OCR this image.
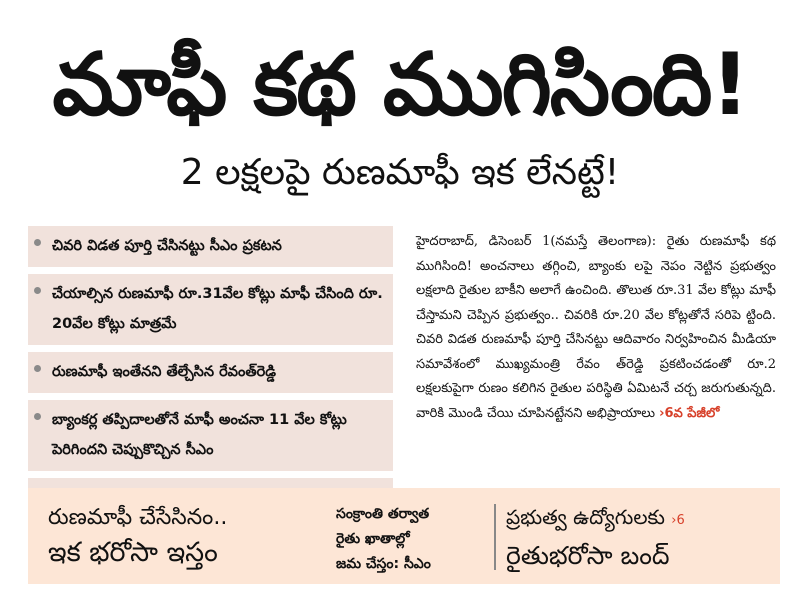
మాఫీ కథ ముగిసింది!
2 లక్షలపై రుణమాఫీ ఇక లేనట్టే!
చివరి విడత పూర్తి చేసినట్టు సీఎం ప్రకటన
చేయాల్సిన రుణమాఫీ రూ.31వేల కోట్లు మాఫీ చేసింది రూ. 20వేల కోట్లు మాత్రమే
రుణమాఫీ ఇంతేనని తేల్చేసిన రేవంత్‌రెడ్డి
బ్యాంకర్ల తప్పిదాలతోనే మాఫీ అంచనా 11 వేల కోట్లు పెరిగిందని చెప్పుకొచ్చిన సీఎం
హైదరాబాద్, డిసెంబర్ 1(నమస్తే తెలంగాణ): రైతు రుణమాఫీ కథ ముగిసింది! అంచనాలు తగ్గించి, బ్యాంకు లపై నెపం నెట్టిన ప్రభుత్వం లక్షలాది రైతుల బాకీని అలాగే ఉంచింది. తొలుత రూ.31 వేల కోట్లు మాఫీ చేస్తామని చెప్పిన ప్రభుత్వం.. చివరికి రూ.20 వేల కోట్లతోనే సరిపె ట్టింది. చివరి విడత రుణమాఫీ పూర్తి చేసినట్టు ఆదివారం నిర్వహించిన మీడియా సమావేశంలో ముఖ్యమంత్రి రేవం త్‌రెడ్డి ప్రకటించడంతో రూ.2 లక్షలకుపైగా రుణం కలిగిన రైతుల పరిస్థితి ఏమిటనే చర్చ జరుగుతున్నది. వారికి మొండి చేయి చూపినట్టేనని అభిప్రాయాలు ›6వ పేజీలో
రుణమాఫీ చేసేసినం..
ఇక భరోసా ఇస్తం
సంక్రాంతి తర్వాత
రైతు ఖాతాల్లో
జమ చేస్తం: సీఎం
ప్రభుత్వ ఉద్యోగులకు ›6
రైతుభరోసా బంద్
